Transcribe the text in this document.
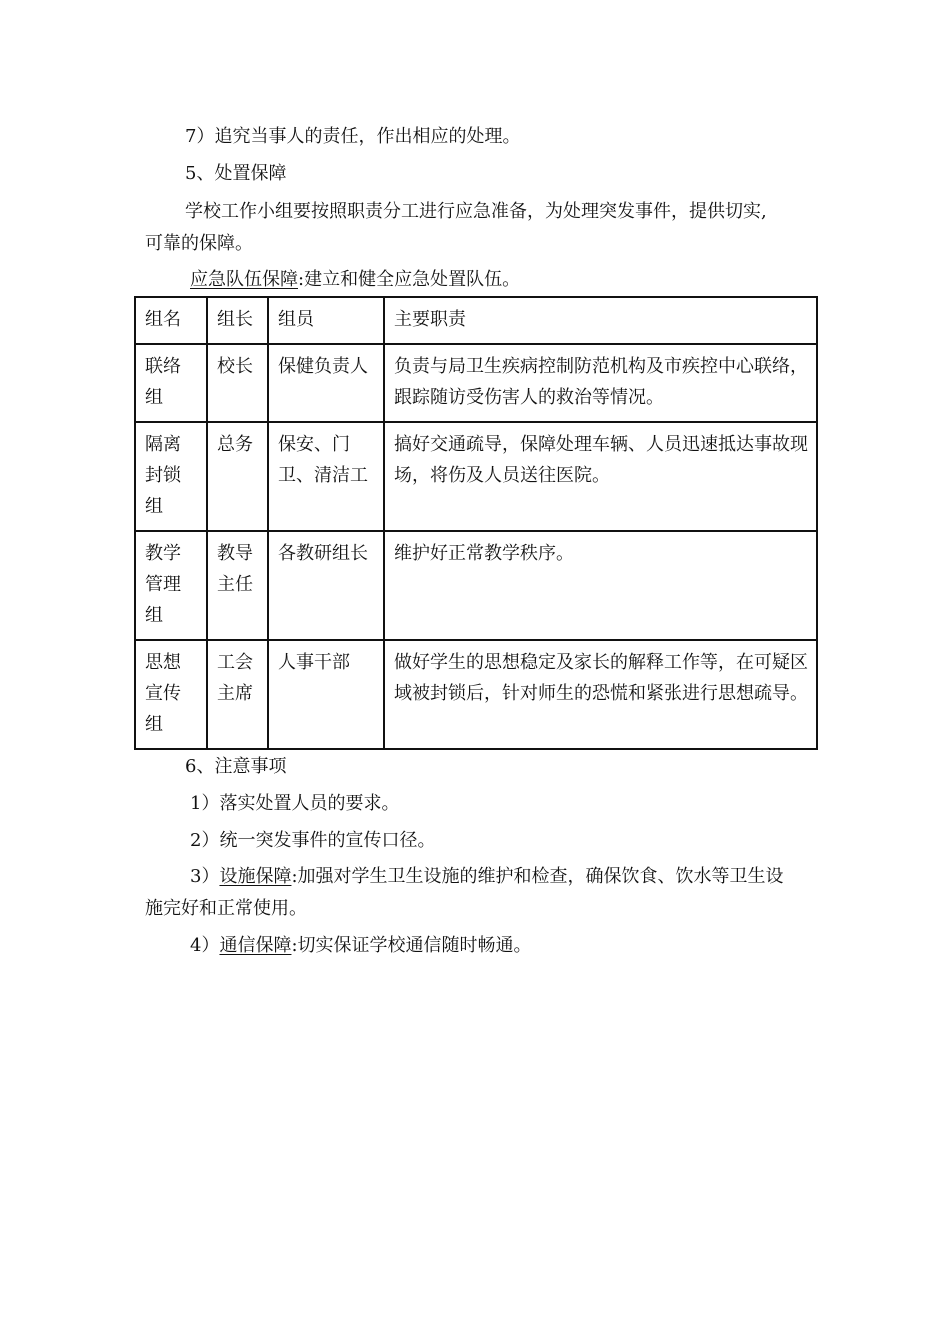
7）追究当事人的责任，作出相应的处理。
5、处置保障
学校工作小组要按照职责分工进行应急准备，为处理突发事件，提供切实,
可靠的保障。
应急队伍保障:建立和健全应急处置队伍。
组名	组长	组员	主要职责
联络组	校长	保健负责人	负责与局卫生疾病控制防范机构及市疾控中心联络，跟踪随访受伤害人的救治等情况。
隔离封锁组	总务	保安、门卫、清洁工	搞好交通疏导，保障处理车辆、人员迅速抵达事故现场，将伤及人员送往医院。
教学管理组	教导主任	各教研组长	维护好正常教学秩序。
思想宣传组	工会主席	人事干部	做好学生的思想稳定及家长的解释工作等，在可疑区域被封锁后，针对师生的恐慌和紧张进行思想疏导。
6、注意事项
1）落实处置人员的要求。
2）统一突发事件的宣传口径。
3）设施保障:加强对学生卫生设施的维护和检查，确保饮食、饮水等卫生设
施完好和正常使用。
4）通信保障:切实保证学校通信随时畅通。
